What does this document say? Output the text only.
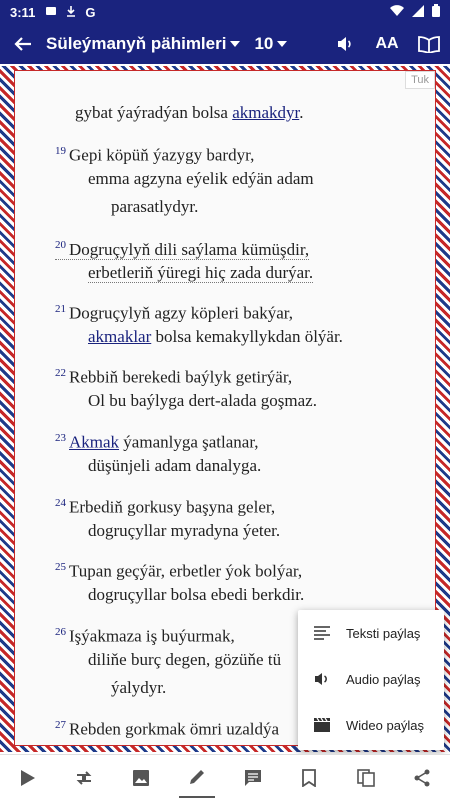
3:11	G
Süleýmanyň pähimleri 10	AA
gybat ýaýradýan bolsa akmakdyr.
$^{19}$ Gepi köpüň ýazygy bardyr,
emma agzyna eýelik edýän adam
parasatlydyr.
$^{20}$ Dogruçylyň dili saýlama kümüşdir,
erbetleriň ýüregi hiç zada durýar.
$^{21}$ Dogruçylyň agzy köpleri bakýar,
akmaklar bolsa kemakyllykdan ölýär.
$^{22}$ Rebbiň berekedi baýlyk getirýär,
Ol bu baýlyga dert-alada goşmaz.
$^{23}$ Akmak ýamanlyga şatlanar,
düşünjeli adam danalyga.
$^{24}$ Erbediň gorkusy başyna geler,
dogruçyllar myradyna ýeter.
$^{25}$ Tupan geçýär, erbetler ýok bolýar,
dogruçyllar bolsa ebedi berkdir.
$^{26}$ Işýakmaza iş buýurmak,
diliňe burç degen, gözüňe tü
ýalydyr.
$^{27}$ Rebden gorkmak ömri uzaldýa
Tuk
Teksti paýlaş
Audio paýlaş
Wideo paýlaş
